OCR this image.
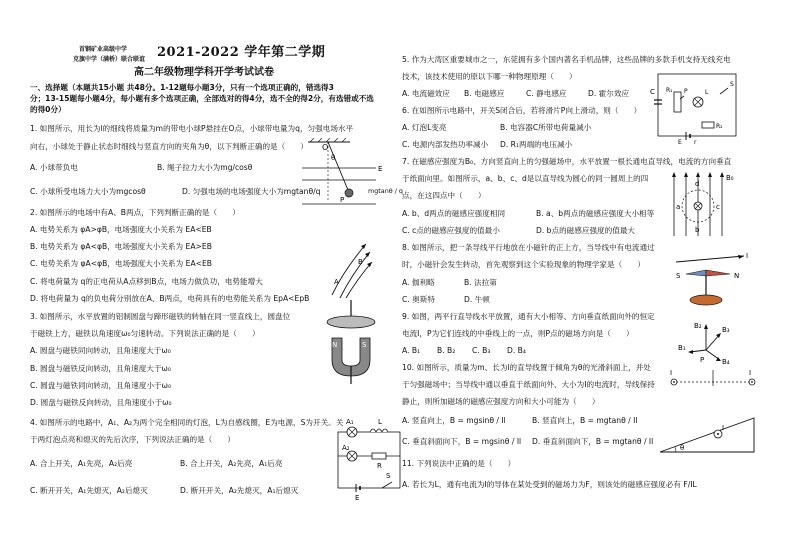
首钢矿业高级中学
克旗中学（满桥）联合联谊 2021-2022 学年第二学期
高二年级物理学科开学考试试卷
一、选择题（本题共15小题 共48分。1-12题每小题3分，只有一个选项正确的，错选得3
分；13-15题每小题4分，每小题有多个选项正确，全部选对的得4分，选不全的得2分，有选错或不选
的得0分）
1. 如图所示，用长为l的细线将质量为m的带电小球P悬挂在O点，小球带电量为q，匀强电场水平
向右，小球处于静止状态时细线与竖直方向的夹角为θ，以下判断正确的是（　　）
A. 小球带负电	B. 绳子拉力大小为mg/cosθ
C. 小球所受电场力大小为mgcosθ	D. 匀强电场的电场强度大小为mgtanθ/q
2. 如图所示的电场中有A、B两点，下列判断正确的是（　　）
A. 电势关系为 φA>φB，电场强度大小关系为 EA<EB
B. 电势关系为 φA<φB，电场强度大小关系为 EA>EB
C. 电势关系为 φA<φB，电场强度大小关系为 EA<EB
C. 将电荷量为 q的正电荷从A点移到B点，电场力做负功，电势能增大
D. 将电荷量为 q的负电荷分别放在A、B两点，电荷具有的电势能关系为 EpA<EpB
3. 如图所示，水平放置的铝制圆盘与蹄形磁铁的转轴在同一竖直线上，圆盘位
于磁铁上方，磁铁以角速度ω₀匀速转动。下列说法正确的是（　　）
A. 圆盘与磁铁同向转动，且角速度大于ω₀
B. 圆盘与磁铁反向转动，且角速度大于ω₀
C. 圆盘与磁铁同向转动，且角速度小于ω₀
D. 圆盘与磁铁反向转动，且角速度小于ω₀
4. 如图所示的电路中，A₁、A₂为两个完全相同的灯泡，L为自感线圈，E为电源，S为开关。关
于两灯泡点亮和熄灭的先后次序，下列说法正确的是（　　）
A. 合上开关，A₁先亮，A₂后亮	B. 合上开关，A₂先亮，A₁后亮
C. 断开开关，A₁先熄灭，A₂后熄灭	D. 断开开关，A₂先熄灭，A₁后熄灭
O
θ
P
E
mgtanθ / q
A
B
N	S
A₁
A₂
L
R
E
S
5. 作为大湾区重要城市之一，东莞拥有多个国内著名手机品牌，这些品牌的多款手机支持无线充电
技术，该技术使用的原以下哪一种物理原理（　　）
A. 电流磁效应 B. 电磁感应	C. 静电感应	D. 霍尔效应
6. 在如图所示电路中，开关S闭合后，若将滑片P向上滑动，则（　　）
A. 灯泡L变亮	B. 电容器C所带电荷量减小
C. 电源内部发热功率减小 D. R₁两端的电压减小
7. 在磁感应强度为B₀、方向竖直向上的匀强磁场中，水平放置一根长通电直导线，电流的方向垂直
于纸面向里。如图所示，a、b、c、d是以直导线为圆心的同一圆周上的四
点，在这四点中（　　）
A. b、d两点的磁感应强度相同	B. a、b两点的磁感应强度大小相等
C. c点的磁感应强度的值最小	D. b点的磁感应强度的值最大
8. 如图所示，把一条导线平行地放在小磁针的正上方，当导线中有电流通过
时，小磁针会发生转动，首先观察到这个实验现象的物理学家是（　　）
A. 伽利略	B. 法拉第
C. 奥斯特	D. 牛顿
9. 如图，两平行直导线水平放置，通有大小相等、方向垂直纸面向外的恒定
电流I，P为它们连线的中垂线上的一点，则P点的磁场方向是（　　）
A. B₁ B. B₂ C. B₃ D. B₄
10. 如图所示，质量为m、长为l的直导线置于倾角为θ的光滑斜面上，并处
于匀强磁场中；当导线中通以垂直于纸面向外、大小为I的电流时，导线保持
静止，则所加磁场的磁感应强度方向和大小可能为（　　）
A. 竖直向上，B = mgsinθ / Il	B. 竖直向上，B = mgtanθ / Il
C. 垂直斜面向下，B = mgsinθ / Il D. 垂直斜面向下，B = mgtanθ / Il
11. 下列说法中正确的是（　　）
A. 若长为L，通有电流为I的导体在某处受到的磁场力为F，则该处的磁感应强度必有 F/IL
C R₁ P	L
S
R₂
E r
B₀
a
b
c
d
S	N
I
B₂	B₃
B₁
B₄
P
I	I
I
θ
